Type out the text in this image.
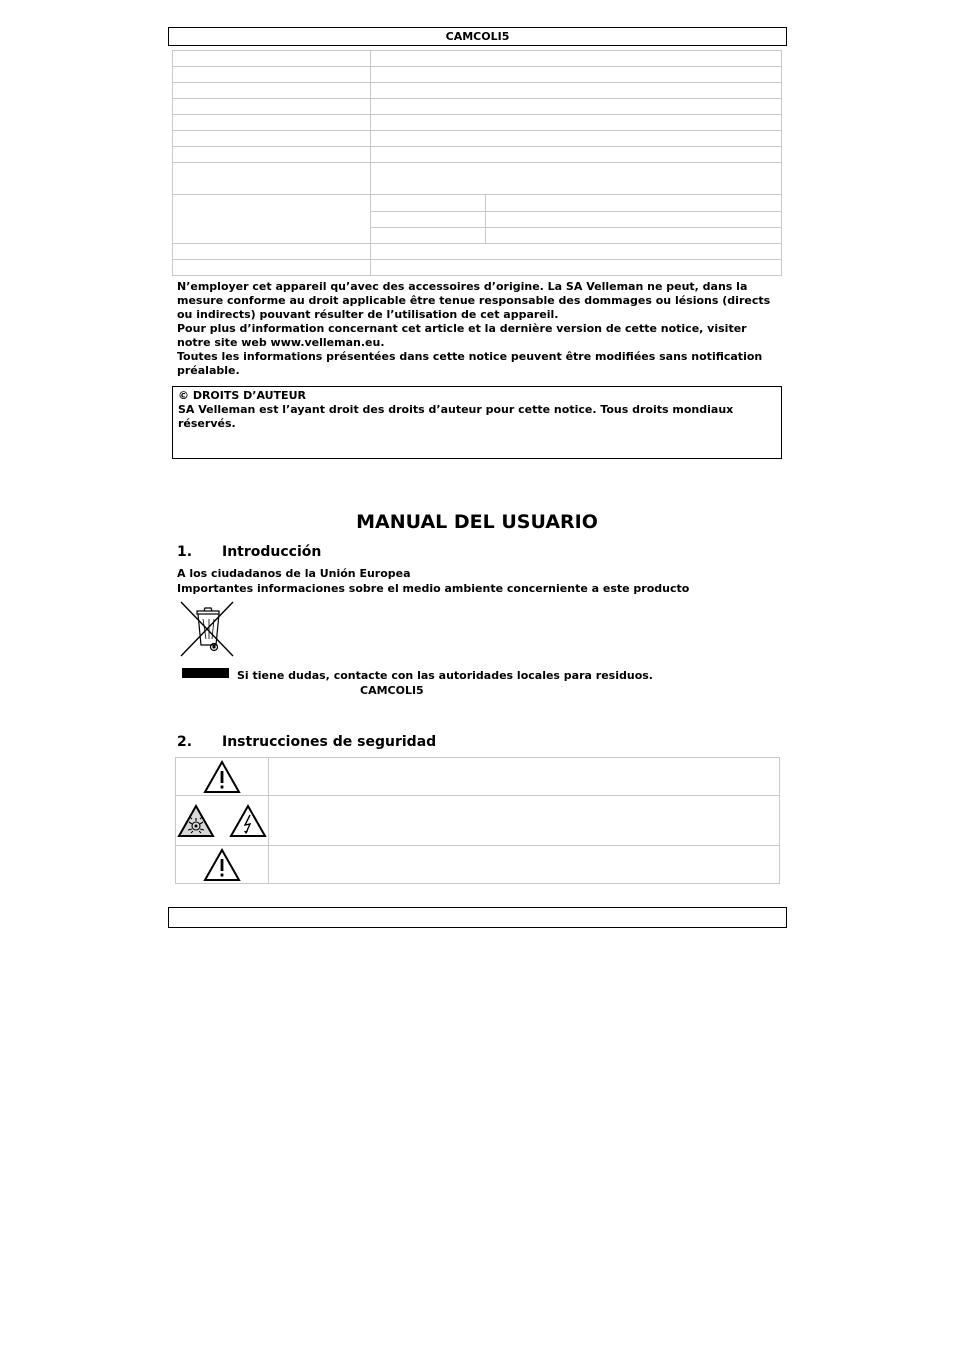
CAMCOLI5

N’employer cet appareil qu’avec des accessoires d’origine. La SA Velleman ne peut, dans la mesure conforme au droit applicable être tenue responsable des dommages ou lésions (directs ou indirects) pouvant résulter de l’utilisation de cet appareil.
Pour plus d’information concernant cet article et la dernière version de cette notice, visiter notre site web www.velleman.eu.
Toutes les informations présentées dans cette notice peuvent être modifiées sans notification préalable.
© DROITS D’AUTEUR
SA Velleman est l’ayant droit des droits d’auteur pour cette notice. Tous droits mondiaux réservés.
MANUAL DEL USUARIO
1. Introducción
A los ciudadanos de la Unión Europea
Importantes informaciones sobre el medio ambiente concerniente a este producto
Si tiene dudas, contacte con las autoridades locales para residuos.
CAMCOLI5
2. Instrucciones de seguridad
